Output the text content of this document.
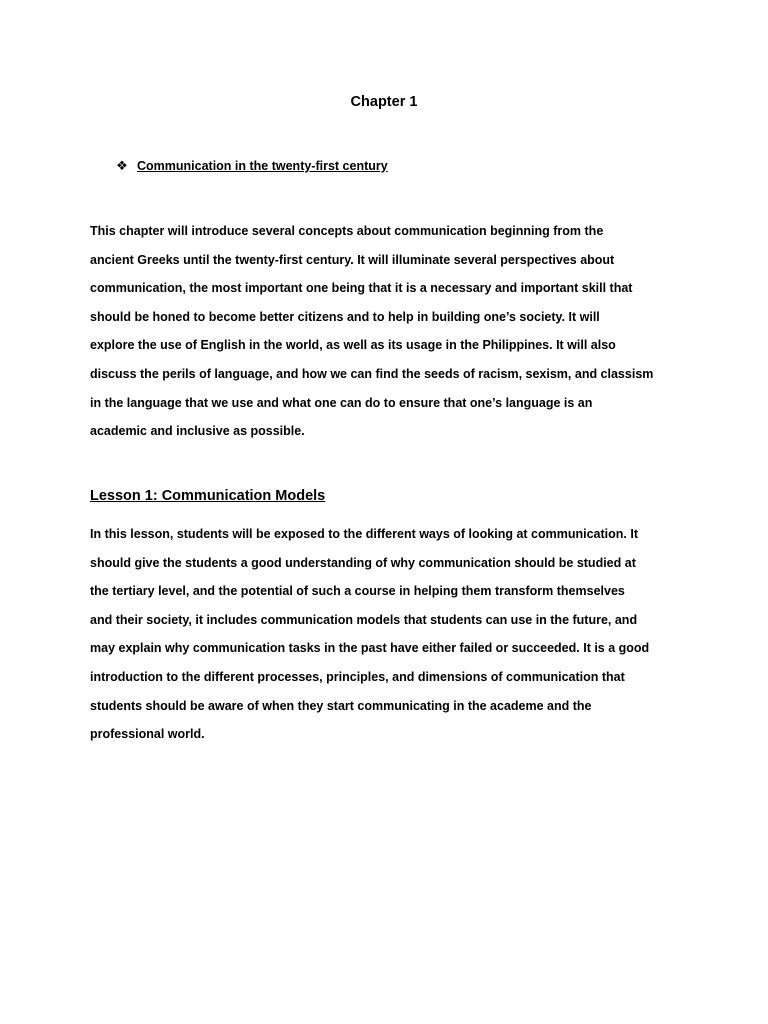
Chapter 1
❖ Communication in the twenty-first century

This chapter will introduce several concepts about communication beginning from the
ancient Greeks until the twenty-first century. It will illuminate several perspectives about
communication, the most important one being that it is a necessary and important skill that
should be honed to become better citizens and to help in building one’s society. It will
explore the use of English in the world, as well as its usage in the Philippines. It will also
discuss the perils of language, and how we can find the seeds of racism, sexism, and classism
in the language that we use and what one can do to ensure that one’s language is an
academic and inclusive as possible.

Lesson 1: Communication Models

In this lesson, students will be exposed to the different ways of looking at communication. It
should give the students a good understanding of why communication should be studied at
the tertiary level, and the potential of such a course in helping them transform themselves
and their society, it includes communication models that students can use in the future, and
may explain why communication tasks in the past have either failed or succeeded. It is a good
introduction to the different processes, principles, and dimensions of communication that
students should be aware of when they start communicating in the academe and the
professional world.
